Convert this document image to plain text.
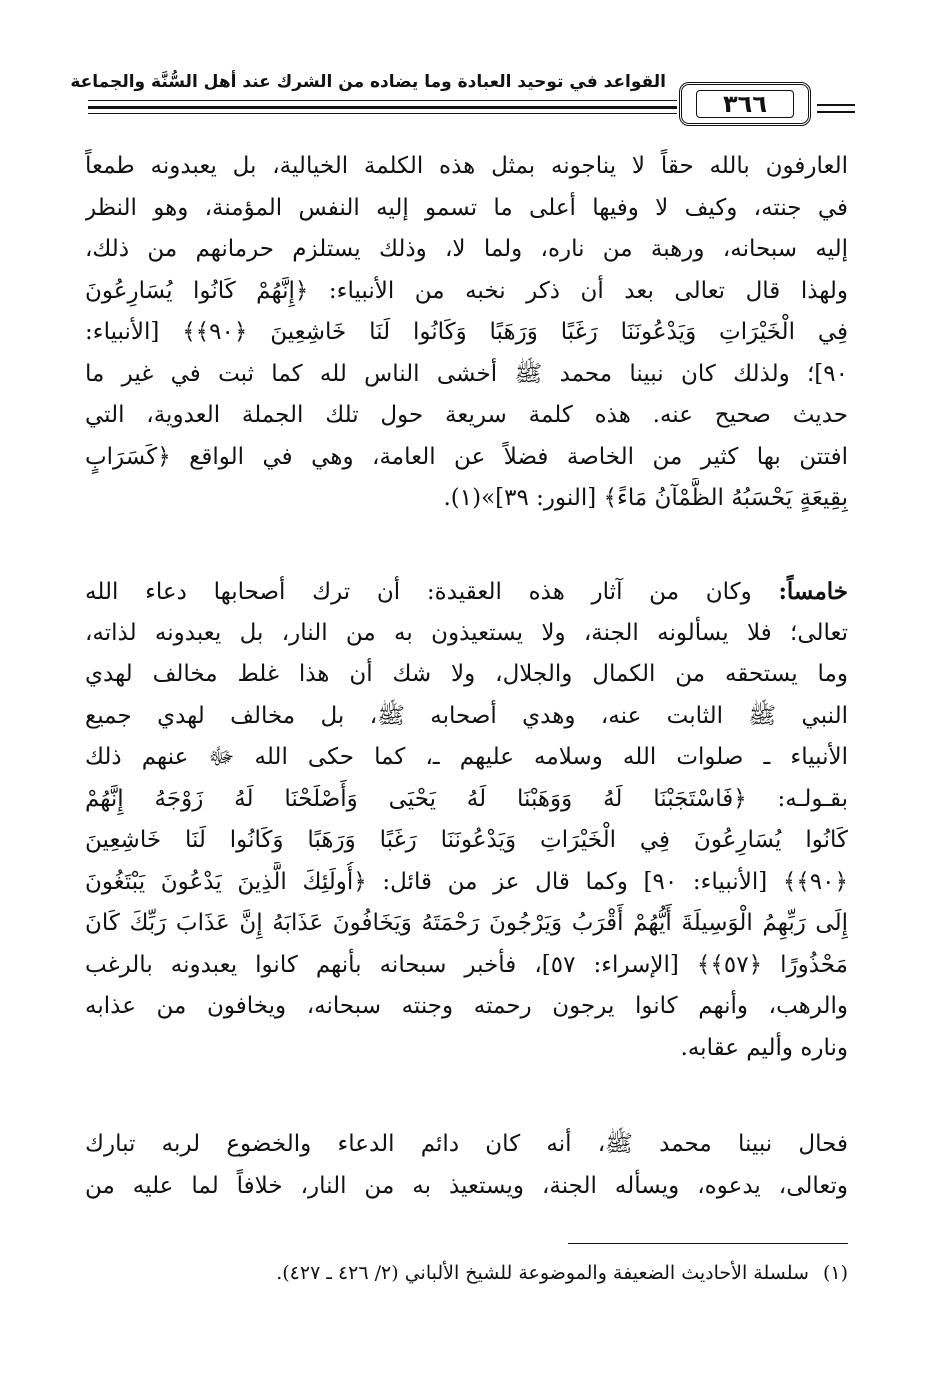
القواعد في توحيد العبادة وما يضاده من الشرك عند أهل السُّنَّة والجماعة
٣٦٦
العارفون بالله حقاً لا يناجونه بمثل هذه الكلمة الخيالية، بل يعبدونه طمعاً
في جنته، وكيف لا وفيها أعلى ما تسمو إليه النفس المؤمنة، وهو النظر
إليه سبحانه، ورهبة من ناره، ولما لا، وذلك يستلزم حرمانهم من ذلك،
ولهذا قال تعالى بعد أن ذكر نخبه من الأنبياء: ﴿إِنَّهُمْ كَانُوا يُسَارِعُونَ
فِي الْخَيْرَاتِ وَيَدْعُونَنَا رَغَبًا وَرَهَبًا وَكَانُوا لَنَا خَاشِعِينَ ﴿٩٠﴾﴾ [الأنبياء:
٩٠]؛ ولذلك كان نبينا محمد ﷺ أخشى الناس لله كما ثبت في غير ما
حديث صحيح عنه. هذه كلمة سريعة حول تلك الجملة العدوية، التي
افتتن بها كثير من الخاصة فضلاً عن العامة، وهي في الواقع ﴿كَسَرَابٍ
بِقِيعَةٍ يَحْسَبُهُ الظَّمْآنُ مَاءً﴾ [النور: ٣٩]»(١).
خامساً: وكان من آثار هذه العقيدة: أن ترك أصحابها دعاء الله
تعالى؛ فلا يسألونه الجنة، ولا يستعيذون به من النار، بل يعبدونه لذاته،
وما يستحقه من الكمال والجلال، ولا شك أن هذا غلط مخالف لهدي
النبي ﷺ الثابت عنه، وهدي أصحابه ﷺ، بل مخالف لهدي جميع
الأنبياء ـ صلوات الله وسلامه عليهم ـ، كما حكى الله ﷻ عنهم ذلك
بقـولـه: ﴿فَاسْتَجَبْنَا لَهُ وَوَهَبْنَا لَهُ يَحْيَى وَأَصْلَحْنَا لَهُ زَوْجَهُ إِنَّهُمْ
كَانُوا يُسَارِعُونَ فِي الْخَيْرَاتِ وَيَدْعُونَنَا رَغَبًا وَرَهَبًا وَكَانُوا لَنَا خَاشِعِينَ
﴿٩٠﴾﴾ [الأنبياء: ٩٠] وكما قال عز من قائل: ﴿أُولَئِكَ الَّذِينَ يَدْعُونَ يَبْتَغُونَ
إِلَى رَبِّهِمُ الْوَسِيلَةَ أَيُّهُمْ أَقْرَبُ وَيَرْجُونَ رَحْمَتَهُ وَيَخَافُونَ عَذَابَهُ إِنَّ عَذَابَ رَبِّكَ كَانَ
مَحْذُورًا ﴿٥٧﴾﴾ [الإسراء: ٥٧]، فأخبر سبحانه بأنهم كانوا يعبدونه بالرغب
والرهب، وأنهم كانوا يرجون رحمته وجنته سبحانه، ويخافون من عذابه
وناره وأليم عقابه.
فحال نبينا محمد ﷺ، أنه كان دائم الدعاء والخضوع لربه تبارك
وتعالى، يدعوه، ويسأله الجنة، ويستعيذ به من النار، خلافاً لما عليه من
(١)سلسلة الأحاديث الضعيفة والموضوعة للشيخ الألباني (٢/ ٤٢٦ ـ ٤٢٧).
